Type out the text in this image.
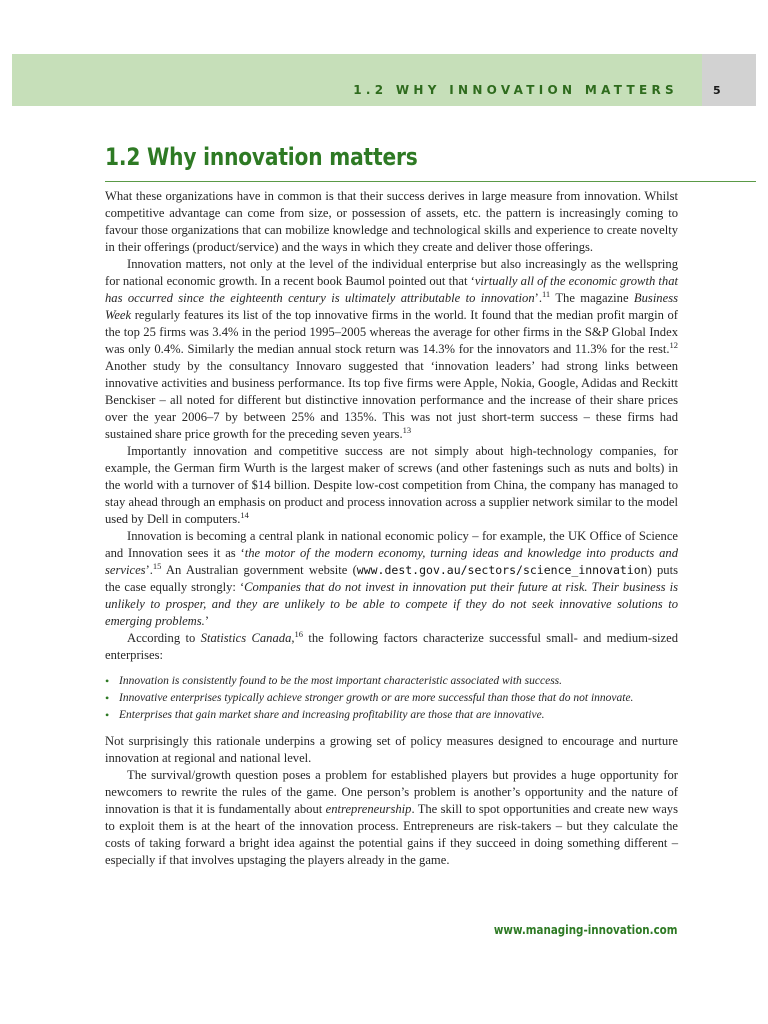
1.2 WHY INNOVATION MATTERS	5
1.2 Why innovation matters

What these organizations have in common is that their success derives in large measure from innovation. Whilst competitive advantage can come from size, or possession of assets, etc. the pattern is increasingly coming to favour those organizations that can mobilize knowledge and technological skills and experience to create novelty in their offerings (product/service) and the ways in which they create and deliver those offerings.

Innovation matters, not only at the level of the individual enterprise but also increasingly as the wellspring for national economic growth. In a recent book Baumol pointed out that ‘virtually all of the economic growth that has occurred since the eighteenth century is ultimately attributable to innovation’.$^{11}$ The magazine Business Week regularly features its list of the top innovative firms in the world. It found that the median profit margin of the top 25 firms was 3.4% in the period 1995–2005 whereas the average for other firms in the S&P Global Index was only 0.4%. Similarly the median annual stock return was 14.3% for the innovators and 11.3% for the rest.$^{12}$ Another study by the consultancy Innovaro suggested that ‘innovation leaders’ had strong links between innovative activities and business performance. Its top five firms were Apple, Nokia, Google, Adidas and Reckitt Benckiser – all noted for different but distinctive innovation performance and the increase of their share prices over the year 2006–7 by between 25% and 135%. This was not just short-term success – these firms had sustained share price growth for the preceding seven years.$^{13}$

Importantly innovation and competitive success are not simply about high-technology companies, for example, the German firm Wurth is the largest maker of screws (and other fastenings such as nuts and bolts) in the world with a turnover of $14 billion. Despite low-cost competition from China, the company has managed to stay ahead through an emphasis on product and process innovation across a supplier network similar to the model used by Dell in computers.$^{14}$

Innovation is becoming a central plank in national economic policy – for example, the UK Office of Science and Innovation sees it as ‘the motor of the modern economy, turning ideas and knowledge into products and services’.$^{15}$ An Australian government website (www.dest.gov.au/sectors/science_innovation) puts the case equally strongly: ‘Companies that do not invest in innovation put their future at risk. Their business is unlikely to prosper, and they are unlikely to be able to compete if they do not seek innovative solutions to emerging problems.’

According to Statistics Canada,$^{16}$ the following factors characterize successful small- and medium-sized enterprises:

• Innovation is consistently found to be the most important characteristic associated with success.
• Innovative enterprises typically achieve stronger growth or are more successful than those that do not innovate.
• Enterprises that gain market share and increasing profitability are those that are innovative.

Not surprisingly this rationale underpins a growing set of policy measures designed to encourage and nurture innovation at regional and national level.

The survival/growth question poses a problem for established players but provides a huge opportunity for newcomers to rewrite the rules of the game. One person’s problem is another’s opportunity and the nature of innovation is that it is fundamentally about entrepreneurship. The skill to spot opportunities and create new ways to exploit them is at the heart of the innovation process. Entrepreneurs are risk-takers – but they calculate the costs of taking forward a bright idea against the potential gains if they succeed in doing something different – especially if that involves upstaging the players already in the game.

www.managing-innovation.com
